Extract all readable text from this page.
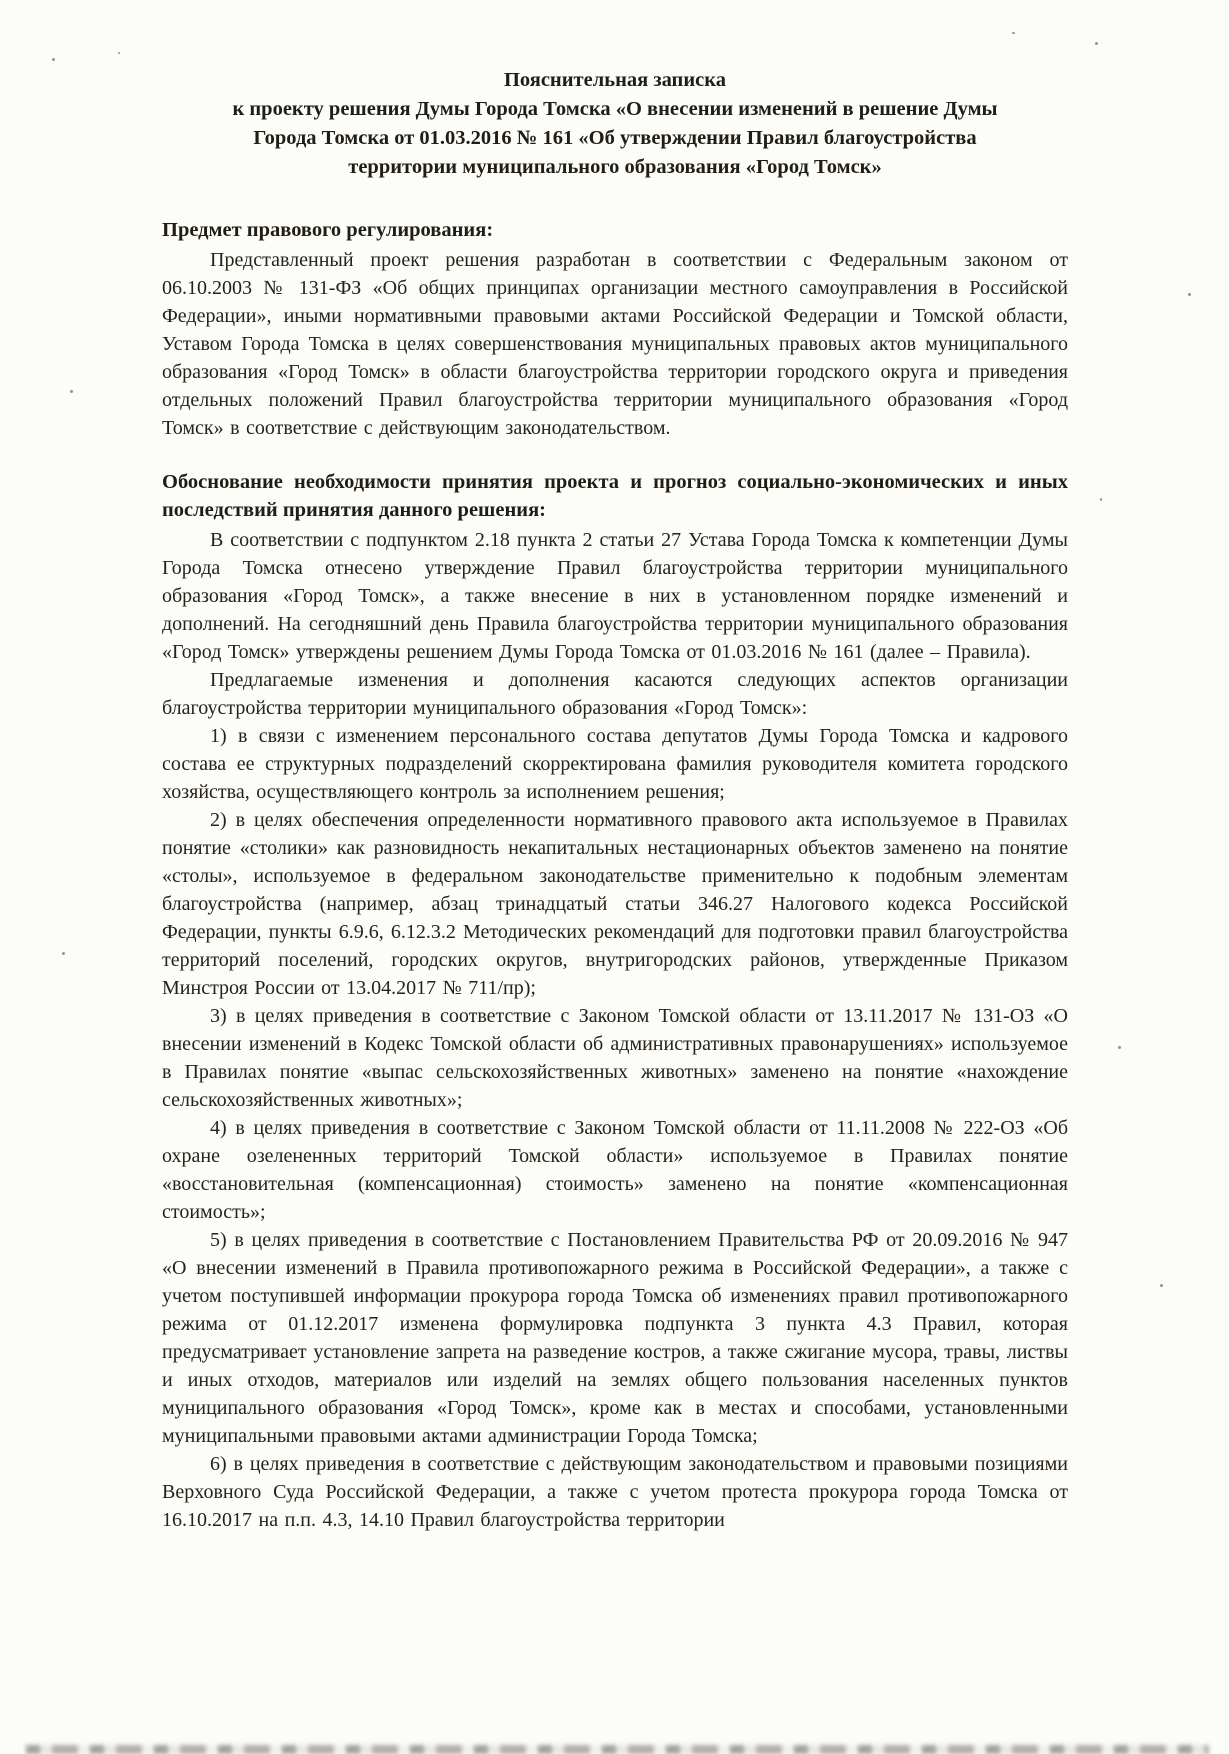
Пояснительная записка
к проекту решения Думы Города Томска «О внесении изменений в решение Думы
Города Томска от 01.03.2016 № 161 «Об утверждении Правил благоустройства
территории муниципального образования «Город Томск»
Предмет правового регулирования:

Представленный проект решения разработан в соответствии с Федеральным законом от 06.10.2003 № 131-ФЗ «Об общих принципах организации местного самоуправления в Российской Федерации», иными нормативными правовыми актами Российской Федерации и Томской области, Уставом Города Томска в целях совершенствования муниципальных правовых актов муниципального образования «Город Томск» в области благоустройства территории городского округа и приведения отдельных положений Правил благоустройства территории муниципального образования «Город Томск» в соответствие с действующим законодательством.

Обоснование необходимости принятия проекта и прогноз социально-экономических и иных последствий принятия данного решения:

В соответствии с подпунктом 2.18 пункта 2 статьи 27 Устава Города Томска к компетенции Думы Города Томска отнесено утверждение Правил благоустройства территории муниципального образования «Город Томск», а также внесение в них в установленном порядке изменений и дополнений. На сегодняшний день Правила благоустройства территории муниципального образования «Город Томск» утверждены решением Думы Города Томска от 01.03.2016 № 161 (далее – Правила).

Предлагаемые изменения и дополнения касаются следующих аспектов организации благоустройства территории муниципального образования «Город Томск»:

1) в связи с изменением персонального состава депутатов Думы Города Томска и кадрового состава ее структурных подразделений скорректирована фамилия руководителя комитета городского хозяйства, осуществляющего контроль за исполнением решения;

2) в целях обеспечения определенности нормативного правового акта используемое в Правилах понятие «столики» как разновидность некапитальных нестационарных объектов заменено на понятие «столы», используемое в федеральном законодательстве применительно к подобным элементам благоустройства (например, абзац тринадцатый статьи 346.27 Налогового кодекса Российской Федерации, пункты 6.9.6, 6.12.3.2 Методических рекомендаций для подготовки правил благоустройства территорий поселений, городских округов, внутригородских районов, утвержденные Приказом Минстроя России от 13.04.2017 № 711/пр);

3) в целях приведения в соответствие с Законом Томской области от 13.11.2017 № 131-ОЗ «О внесении изменений в Кодекс Томской области об административных правонарушениях» используемое в Правилах понятие «выпас сельскохозяйственных животных» заменено на понятие «нахождение сельскохозяйственных животных»;

4) в целях приведения в соответствие с Законом Томской области от 11.11.2008 № 222-ОЗ «Об охране озелененных территорий Томской области» используемое в Правилах понятие «восстановительная (компенсационная) стоимость» заменено на понятие «компенсационная стоимость»;

5) в целях приведения в соответствие с Постановлением Правительства РФ от 20.09.2016 № 947 «О внесении изменений в Правила противопожарного режима в Российской Федерации», а также с учетом поступившей информации прокурора города Томска об изменениях правил противопожарного режима от 01.12.2017 изменена формулировка подпункта 3 пункта 4.3 Правил, которая предусматривает установление запрета на разведение костров, а также сжигание мусора, травы, листвы и иных отходов, материалов или изделий на землях общего пользования населенных пунктов муниципального образования «Город Томск», кроме как в местах и способами, установленными муниципальными правовыми актами администрации Города Томска;

6) в целях приведения в соответствие с действующим законодательством и правовыми позициями Верховного Суда Российской Федерации, а также с учетом протеста прокурора города Томска от 16.10.2017 на п.п. 4.3, 14.10 Правил благоустройства территории
